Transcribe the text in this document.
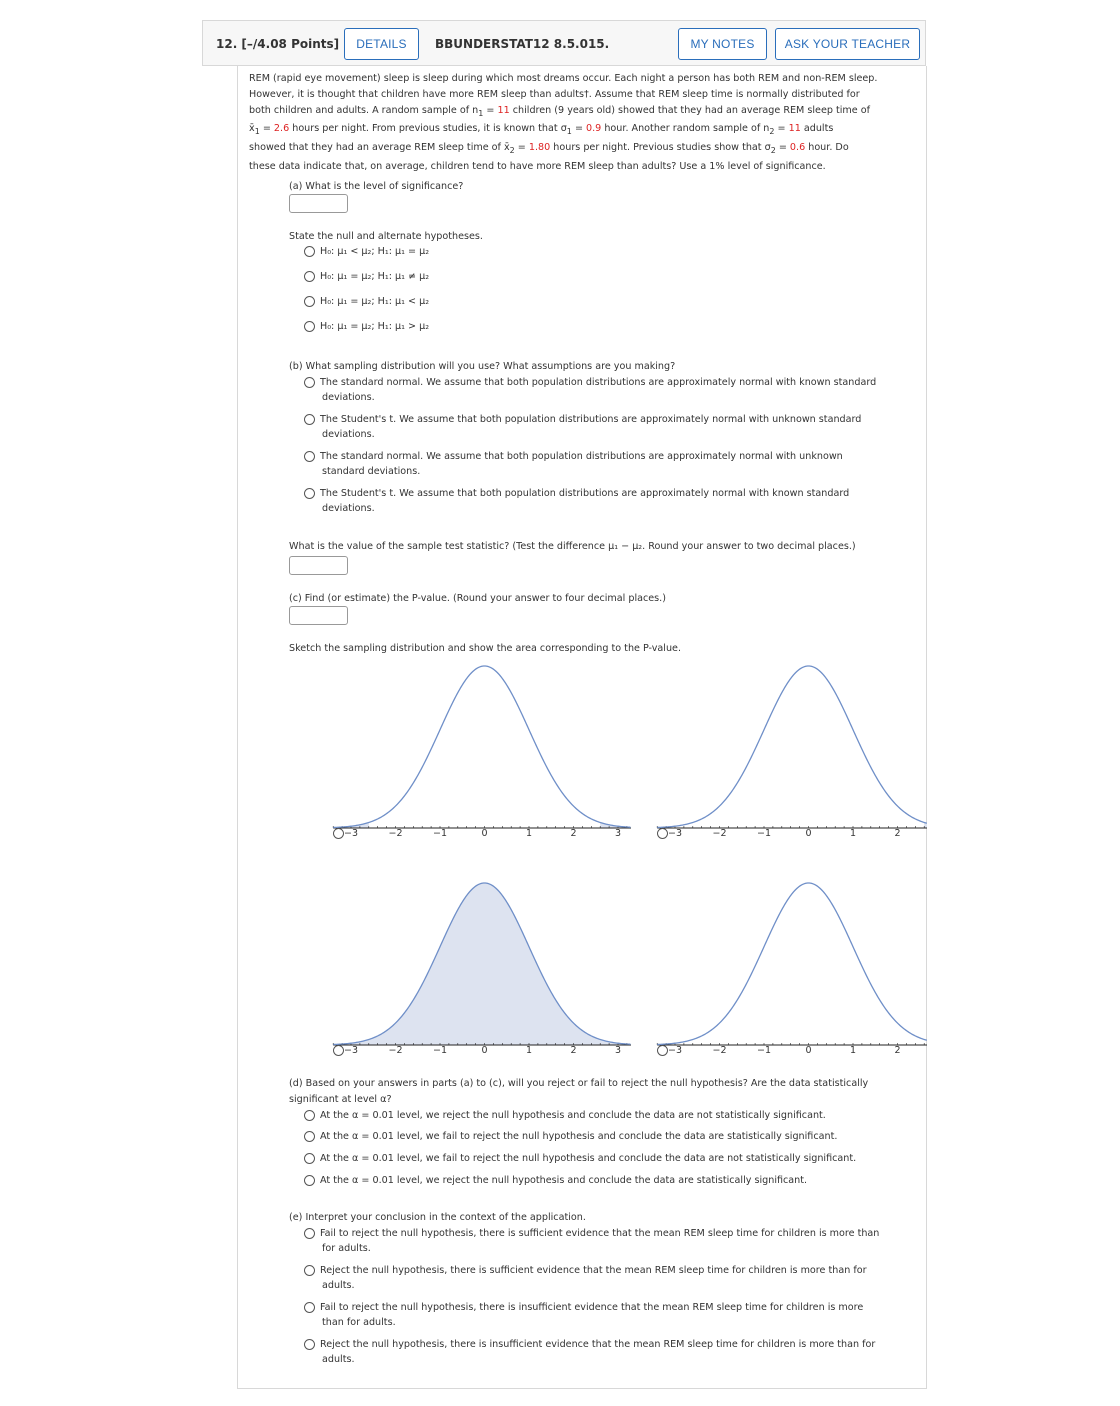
12. [–/4.08 Points]	DETAILS	BBUNDERSTAT12 8.5.015.	MY NOTES	ASK YOUR TEACHER
REM (rapid eye movement) sleep is sleep during which most dreams occur. Each night a person has both REM and non-REM sleep.
However, it is thought that children have more REM sleep than adults†. Assume that REM sleep time is normally distributed for
both children and adults. A random sample of $n_1 = 11$ children (9 years old) showed that they had an average REM sleep time of
$x̄_1 = 2.6$ hours per night. From previous studies, it is known that $\sigma_1 = 0.9$ hour. Another random sample of $n_2 = 11$ adults
showed that they had an average REM sleep time of $x̄_2 = 1.80$ hours per night. Previous studies show that $\sigma_2 = 0.6$ hour. Do
these data indicate that, on average, children tend to have more REM sleep than adults? Use a 1% level of significance.
(a) What is the level of significance?
State the null and alternate hypotheses.
H₀: μ₁ < μ₂; H₁: μ₁ = μ₂
H₀: μ₁ = μ₂; H₁: μ₁ ≠ μ₂
H₀: μ₁ = μ₂; H₁: μ₁ < μ₂
H₀: μ₁ = μ₂; H₁: μ₁ > μ₂
(b) What sampling distribution will you use? What assumptions are you making?
The standard normal. We assume that both population distributions are approximately normal with known standard
deviations.
The Student's t. We assume that both population distributions are approximately normal with unknown standard
deviations.
The standard normal. We assume that both population distributions are approximately normal with unknown
standard deviations.
The Student's t. We assume that both population distributions are approximately normal with known standard
deviations.
What is the value of the sample test statistic? (Test the difference μ₁ − μ₂. Round your answer to two decimal places.)
(c) Find (or estimate) the P-value. (Round your answer to four decimal places.)
Sketch the sampling distribution and show the area corresponding to the P-value.
−3	−2	−1	0	1	2	3	−3	−2	−1	0	1	2
−3	−2	−1	0	1	2	3	−3	−2	−1	0	1	2
(d) Based on your answers in parts (a) to (c), will you reject or fail to reject the null hypothesis? Are the data statistically
significant at level α?
At the α = 0.01 level, we reject the null hypothesis and conclude the data are not statistically significant.
At the α = 0.01 level, we fail to reject the null hypothesis and conclude the data are statistically significant.
At the α = 0.01 level, we fail to reject the null hypothesis and conclude the data are not statistically significant.
At the α = 0.01 level, we reject the null hypothesis and conclude the data are statistically significant.
(e) Interpret your conclusion in the context of the application.
Fail to reject the null hypothesis, there is sufficient evidence that the mean REM sleep time for children is more than
for adults.
Reject the null hypothesis, there is sufficient evidence that the mean REM sleep time for children is more than for
adults.
Fail to reject the null hypothesis, there is insufficient evidence that the mean REM sleep time for children is more
than for adults.
Reject the null hypothesis, there is insufficient evidence that the mean REM sleep time for children is more than for
adults.
